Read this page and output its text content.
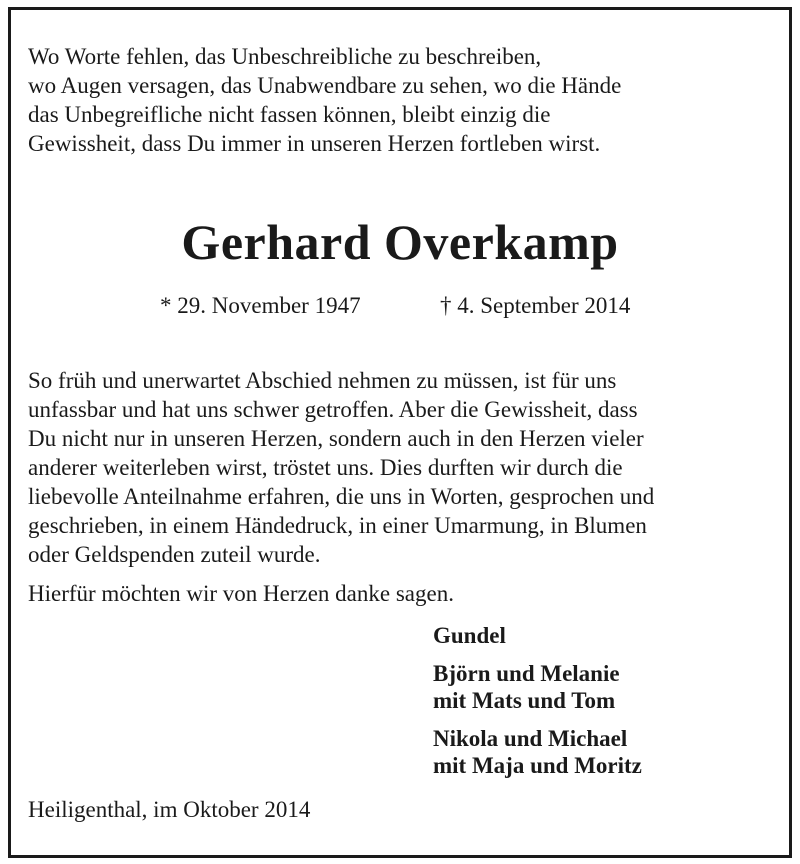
Wo Worte fehlen, das Unbeschreibliche zu beschreiben,
wo Augen versagen, das Unabwendbare zu sehen, wo die Hände
das Unbegreifliche nicht fassen können, bleibt einzig die
Gewissheit, dass Du immer in unseren Herzen fortleben wirst.
Gerhard Overkamp
* 29. November 1947	† 4. September 2014
So früh und unerwartet Abschied nehmen zu müssen, ist für uns
unfassbar und hat uns schwer getroffen. Aber die Gewissheit, dass
Du nicht nur in unseren Herzen, sondern auch in den Herzen vieler
anderer weiterleben wirst, tröstet uns. Dies durften wir durch die
liebevolle Anteilnahme erfahren, die uns in Worten, gesprochen und
geschrieben, in einem Händedruck, in einer Umarmung, in Blumen
oder Geldspenden zuteil wurde.
Hierfür möchten wir von Herzen danke sagen.
Gundel
Björn und Melanie
mit Mats und Tom
Nikola und Michael
mit Maja und Moritz
Heiligenthal, im Oktober 2014
